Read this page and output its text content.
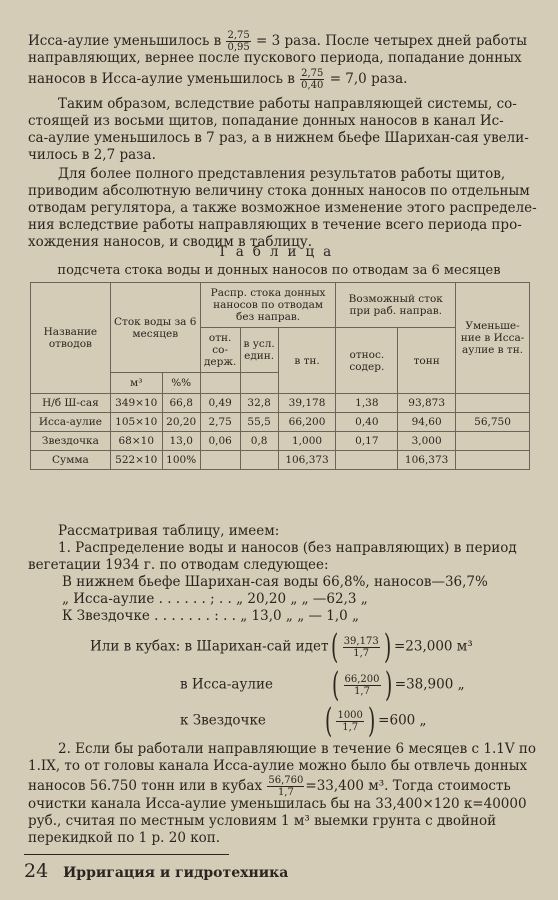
Исса-аулие уменьшилось в $\frac{2,75}{0,95} = 3$ раза. После четырех дней работы
направляющих, вернее после пускового периода, попадание донных
наносов в Исса-аулие уменьшилось в $\frac{2,75}{0,40} = 7,0$ раза.
Таким образом, вследствие работы направляющей системы, со-
стоящей из восьми щитов, попадание донных наносов в канал Ис-
са-аулие уменьшилось в 7 раз, а в нижнем бьефе Шарихан-сая увели-
чилось в 2,7 раза.
Для более полного представления результатов работы щитов,
приводим абсолютную величину стока донных наносов по отдельным
отводам регулятора, а также возможное изменение этого распределе-
ния вследствие работы направляющих в течение всего периода про-
хождения наносов, и сводим в таблицу.
Таблица
подсчета стока воды и донных наносов по отводам за 6 месяцев
Название отводов	Сток воды за 6 месяцев		Распр. стока донных наносов по отводам без направ.			Возможный сток при раб. направ.		Уменьше- ние в Исса- аулие в тн.
			отн. со- держ.	в усл. един.	в тн.	относ. содер.	тонн	
	м³	%%						
Н/б Ш-сая	349×10	66,8	0,49	32,8	39,178	1,38	93,873	
Исса-аулие	105×10	20,20	2,75	55,5	66,200	0,40	94,60	56,750
Звездочка	68×10	13,0	0,06	0,8	1,000	0,17	3,000	
Сумма	522×10	100%			106,373		106,373	
Рассматривая таблицу, имеем:
1. Распределение воды и наносов (без направляющих) в период
вегетации 1934 г. по отводам следующее:
В нижнем бьефе Шарихан-сая воды 66,8%, наносов—36,7%
„ Исса-аулие . . . . . . ; . . „ 20,20 „ „ —62,3 „
К Звездочке . . . . . . . : . . „ 13,0 „ „ — 1,0 „
Или в кубах: в Шарихан-сай идет( $\frac{39,173}{1,7}$ ) =23,000 м³
в Исса-аулие ( $\frac{66,200}{1,7}$ ) =38,900 „
к Звездочке ( $\frac{1000}{1,7}$ ) =600 „
2. Если бы работали направляющие в течение 6 месяцев с 1.1V по
1.IX, то от головы канала Исса-аулие можно было бы отвлечь донных
наносов 56.750 тонн или в кубах $\frac{56,760}{1,7} =33,400$ м³. Тогда стоимость
очистки канала Исса-аулие уменьшилась бы на 33,400×120 к=40000
руб., считая по местным условиям 1 м³ выемки грунта с двойной
перекидкой по 1 р. 20 коп.
24 Ирригация и гидротехника
